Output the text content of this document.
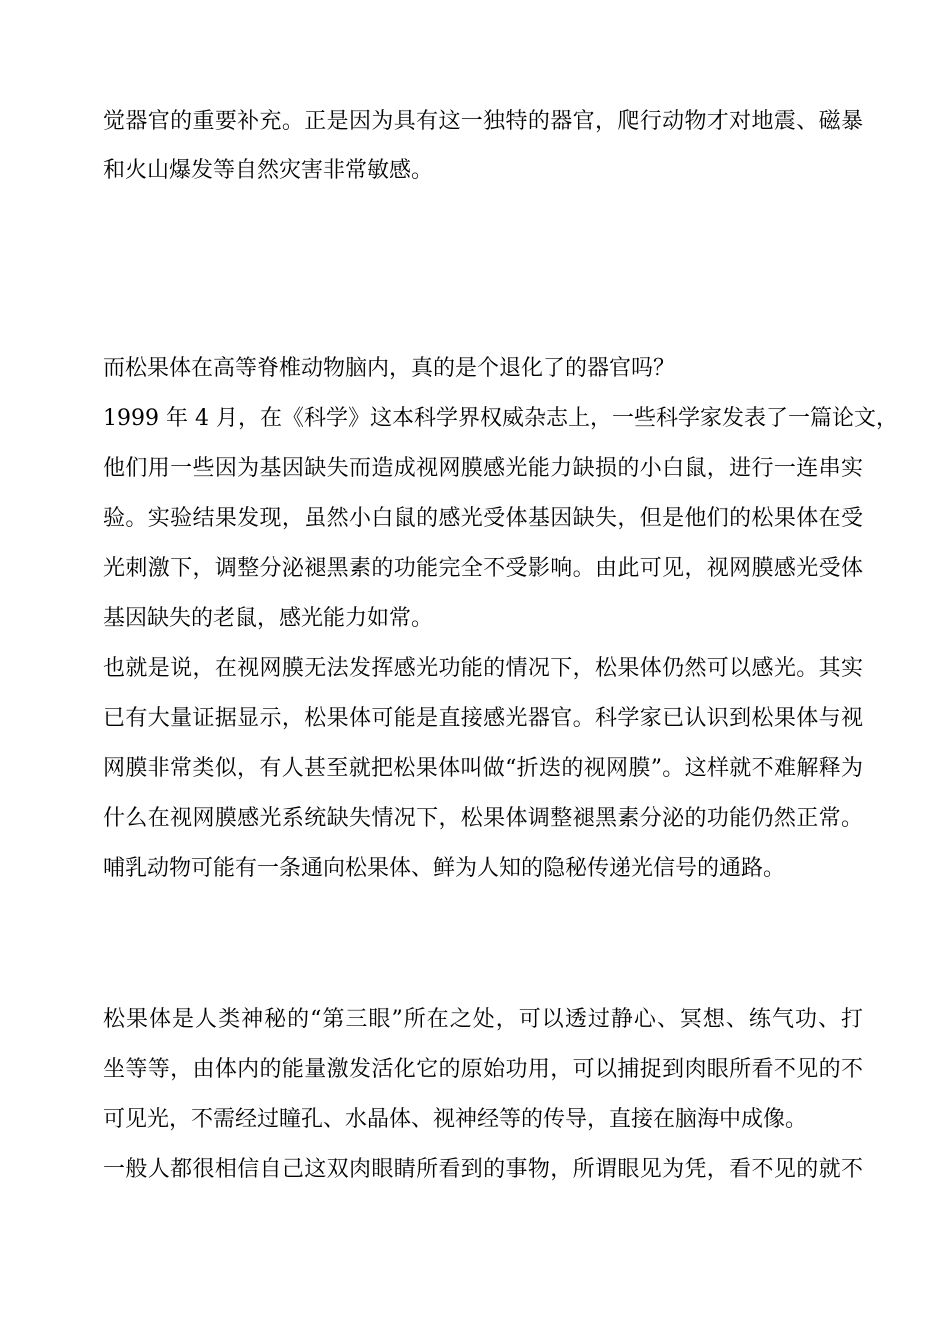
觉器官的重要补充。正是因为具有这一独特的器官，爬行动物才对地震、磁暴

和火山爆发等自然灾害非常敏感。

而松果体在高等脊椎动物脑内，真的是个退化了的器官吗？

1999 年 4 月，在《科学》这本科学界权威杂志上，一些科学家发表了一篇论文，

他们用一些因为基因缺失而造成视网膜感光能力缺损的小白鼠，进行一连串实

验。实验结果发现，虽然小白鼠的感光受体基因缺失，但是他们的松果体在受

光刺激下，调整分泌褪黑素的功能完全不受影响。由此可见，视网膜感光受体

基因缺失的老鼠，感光能力如常。

也就是说，在视网膜无法发挥感光功能的情况下，松果体仍然可以感光。其实

已有大量证据显示，松果体可能是直接感光器官。科学家已认识到松果体与视

网膜非常类似，有人甚至就把松果体叫做“折迭的视网膜”。这样就不难解释为

什么在视网膜感光系统缺失情况下，松果体调整褪黑素分泌的功能仍然正常。

哺乳动物可能有一条通向松果体、鲜为人知的隐秘传递光信号的通路。

松果体是人类神秘的“第三眼”所在之处，可以透过静心、冥想、练气功、打

坐等等，由体内的能量激发活化它的原始功用，可以捕捉到肉眼所看不见的不

可见光，不需经过瞳孔、水晶体、视神经等的传导，直接在脑海中成像。

一般人都很相信自己这双肉眼睛所看到的事物，所谓眼见为凭，看不见的就不
